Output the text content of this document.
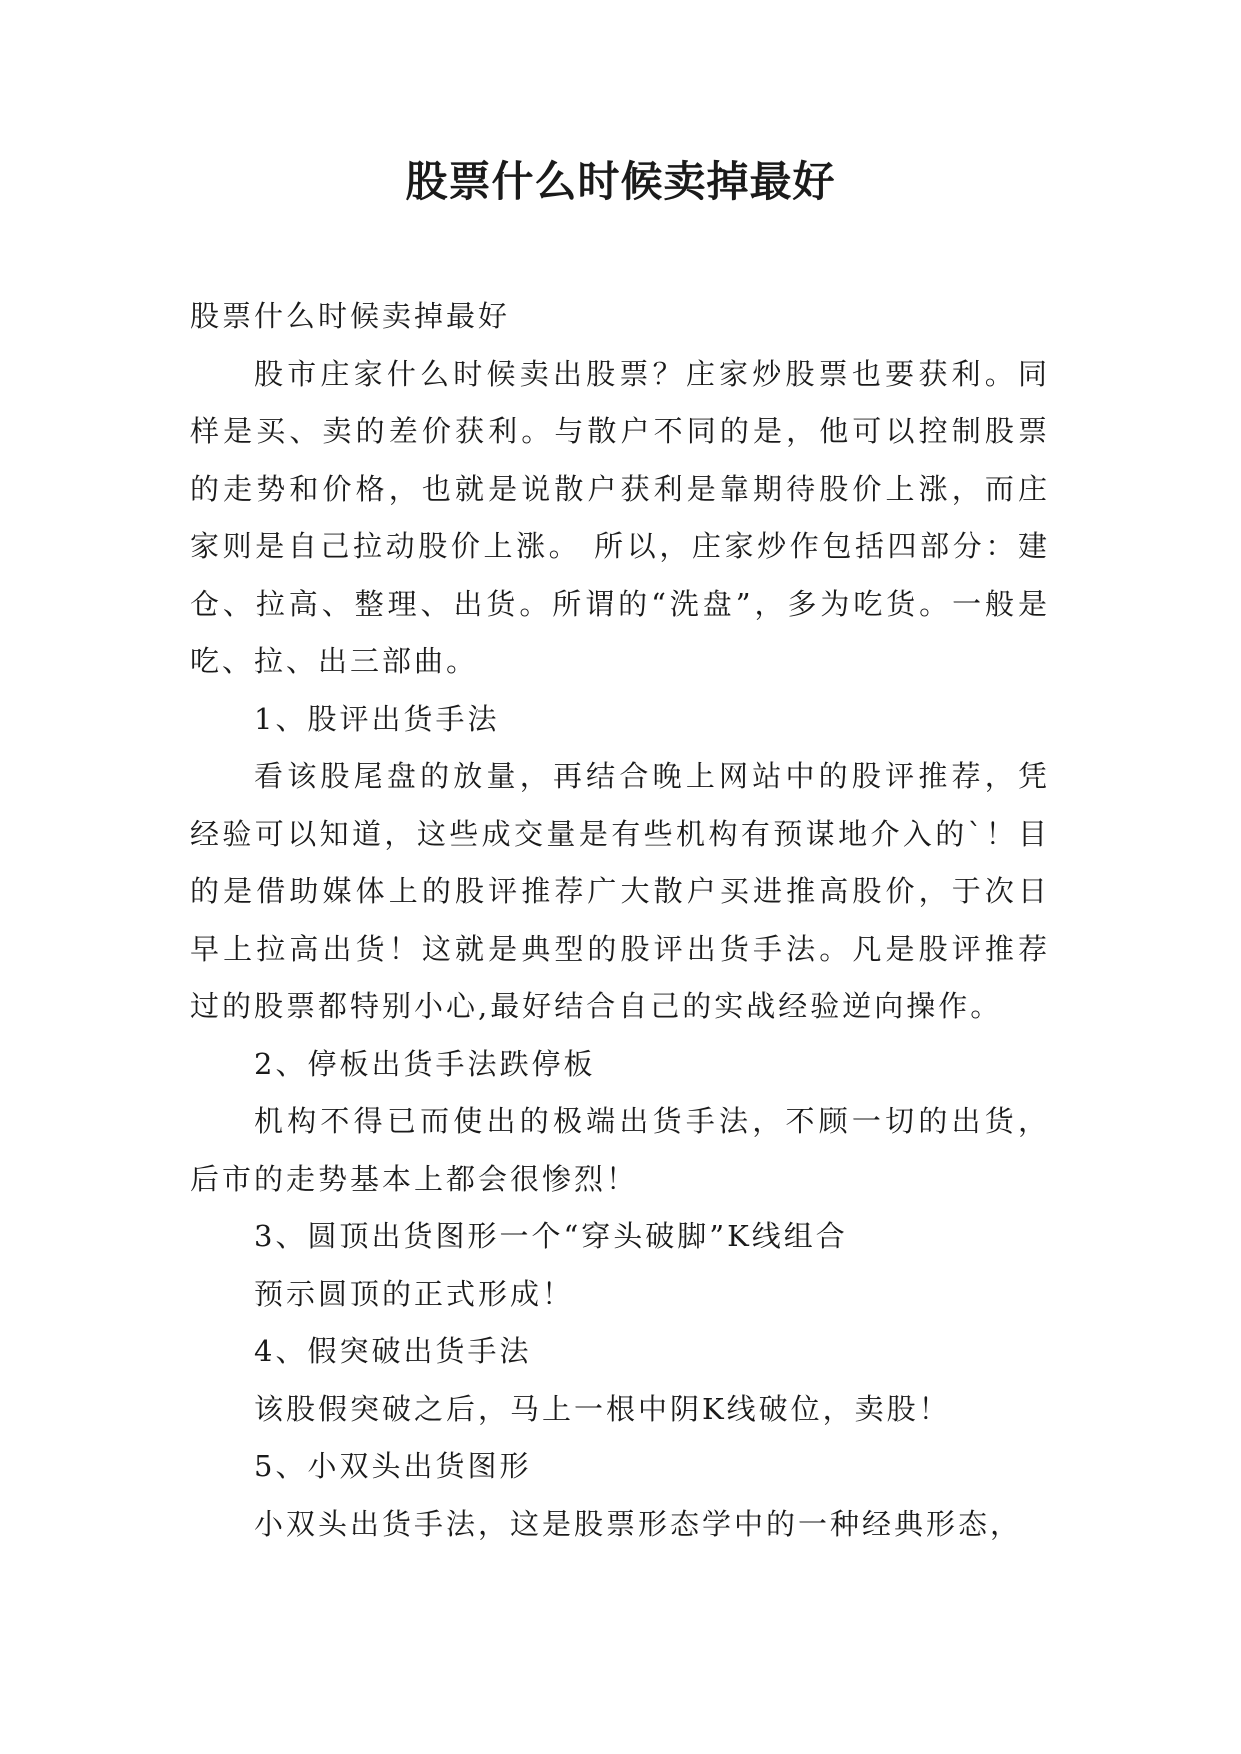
股票什么时候卖掉最好

股票什么时候卖掉最好

股市庄家什么时候卖出股票？庄家炒股票也要获利。同样是买、卖的差价获利。与散户不同的是，他可以控制股票的走势和价格，也就是说散户获利是靠期待股价上涨，而庄家则是自己拉动股价上涨。 所以，庄家炒作包括四部分：建仓、拉高、整理、出货。所谓的“洗盘”，多为吃货。一般是吃、拉、出三部曲。

1、股评出货手法

看该股尾盘的放量，再结合晚上网站中的股评推荐，凭经验可以知道，这些成交量是有些机构有预谋地介入的`！目的是借助媒体上的股评推荐广大散户买进推高股价，于次日早上拉高出货！这就是典型的股评出货手法。凡是股评推荐过的股票都特别小心,最好结合自己的实战经验逆向操作。

2、停板出货手法跌停板

机构不得已而使出的极端出货手法，不顾一切的出货，后市的走势基本上都会很惨烈！

3、圆顶出货图形一个“穿头破脚”K线组合

预示圆顶的正式形成！

4、假突破出货手法

该股假突破之后，马上一根中阴K线破位，卖股！

5、小双头出货图形

小双头出货手法，这是股票形态学中的一种经典形态，
